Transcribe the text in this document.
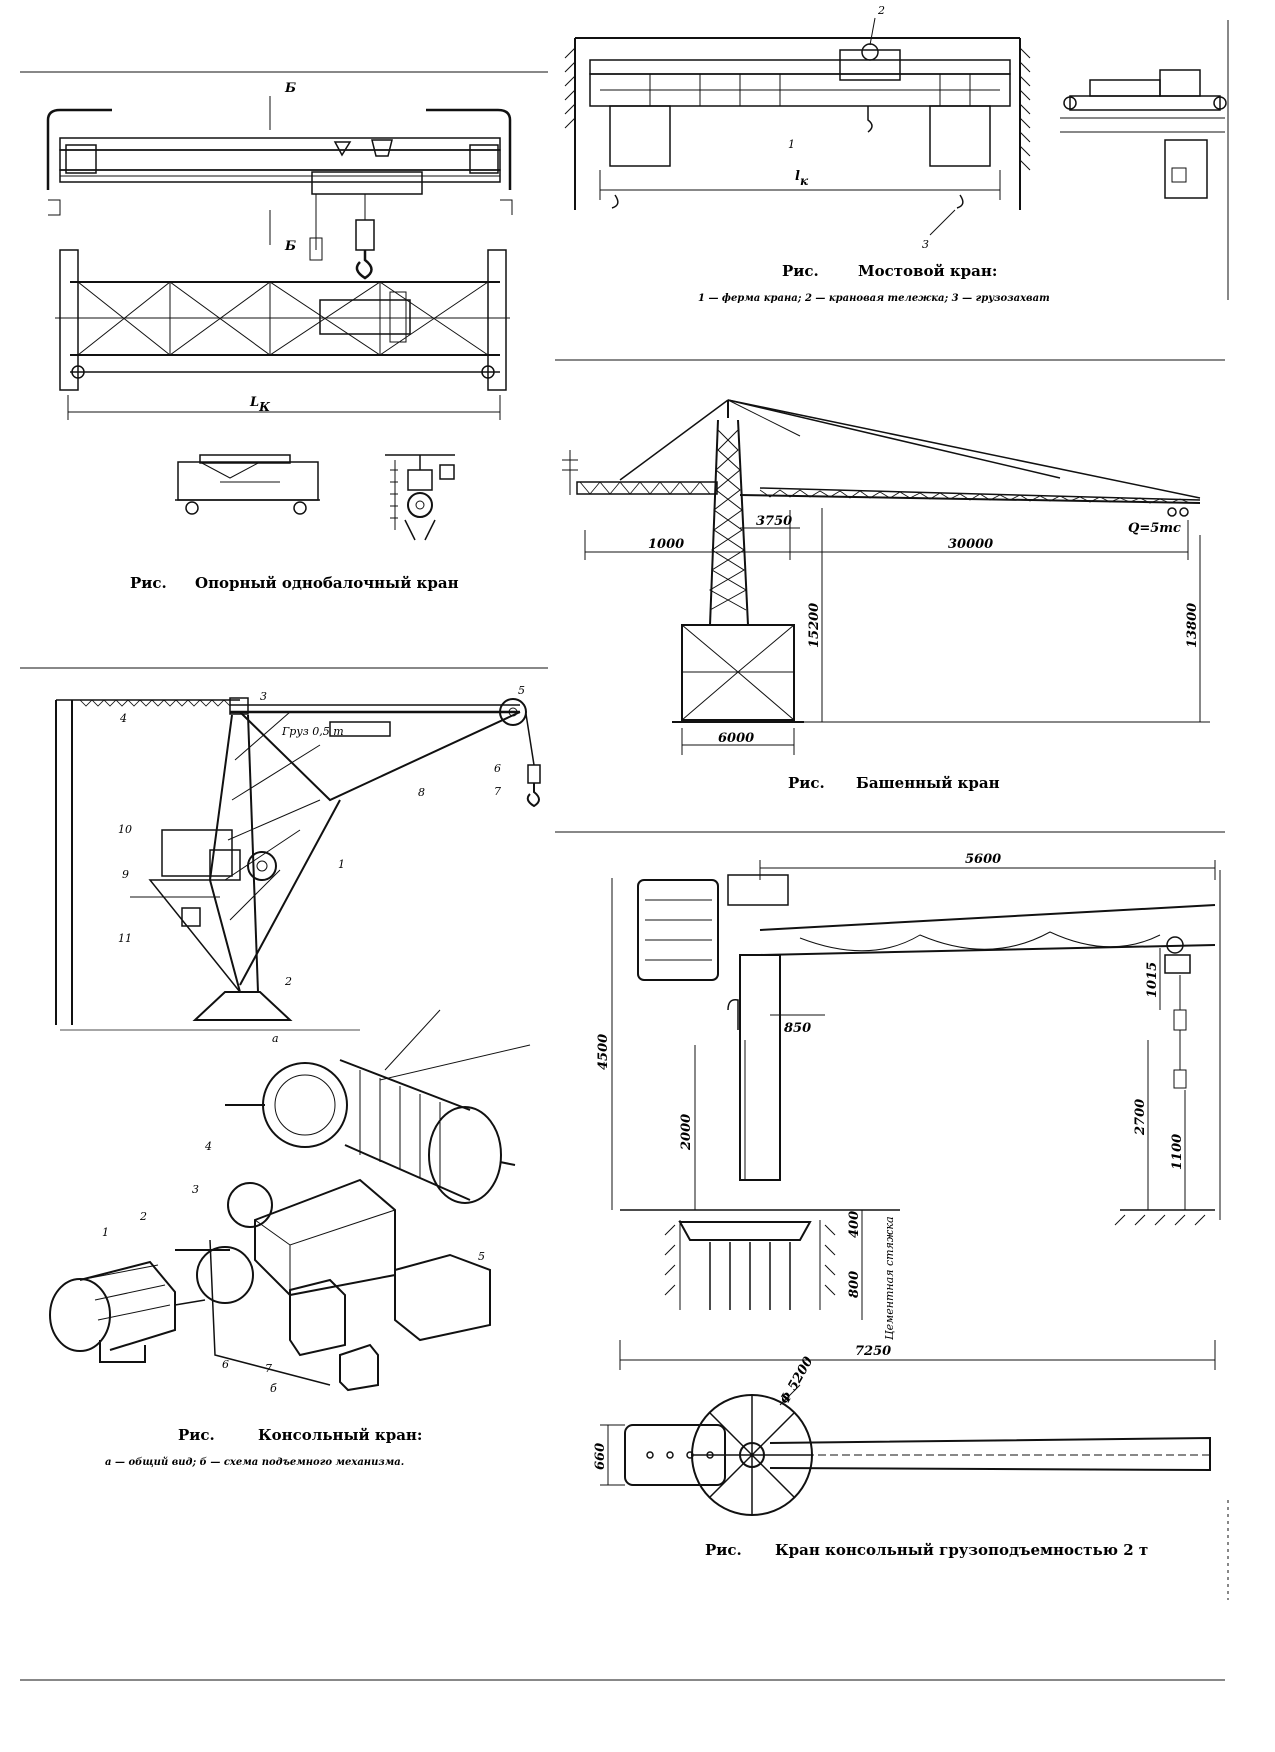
Б
Б
LК
Рис. Опорный однобалочный кран
lк
1
2
3
Рис.	Мостовой кран:
1 — ферма крана; 2 — крановая тележка; 3 — грузозахват
1000
3750
30000
15200	13800
6000
Q=5mc
Рис. Башенный кран
4
3	5
6
7
8
1
2
10
9
11
Груз 0,5 т
а
1
2
3
4
5
6	7
б
Рис.	Консольный кран:
а — общий вид; б — схема подъемного механизма.
5600
4500
1015
850
2000	2700
1100
400
800 Цементная стяжка
7250
660
Φ 5200
Рис. Кран консольный грузоподъемностью 2 т
